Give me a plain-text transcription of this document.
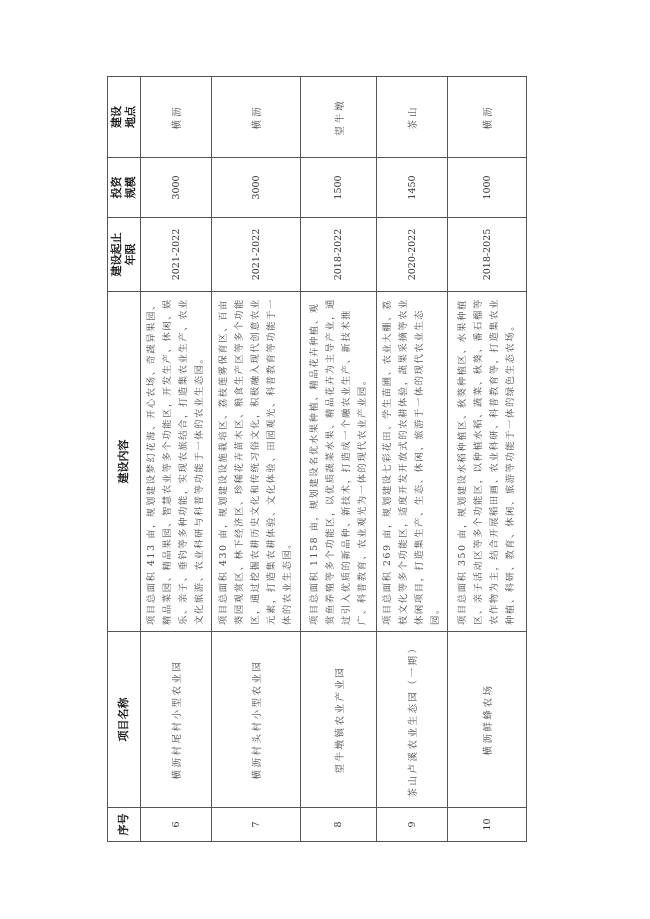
序号	项目名称	建设内容	建设起止年限	投资规模	建设地点

6	横沥村尾村小型农业园	项目总面积 413 亩，规划建设梦幻花海、开心农场、奇蔬异果园、精品菜园、精品果园、智慧农业等多个功能区，开发生产、休闲、娱乐、亲子、垂钓等多种功能，实现农旅结合，打造集农业生产、农业文化旅游、农业科研与科普等功能于一体的农业生态园。	2021-2022	3000	横沥
7	横沥村头村小型农业园	项目总面积 430 亩，规划建设设施栽培区、荔枝莲雾保育区、百亩葵园观赏区、林下经济区、珍稀花卉苗木区、粮食生产区等多个功能区，通过挖掘农耕历史文化和传统习俗文化，积极融入现代创意农业元素，打造集农耕体验、文化体验、田园观光、科普教育等功能于一体的农业生态园。	2021-2022	3000	横沥
8	望牛墩镇农业产业园	项目总面积 1158 亩，规划建设名优水果种植、精品花卉种植、观赏鱼养殖等多个功能区，以优质蔬菜水果、精品花卉为主导产业，通过引入优质的新品种、新技术，打造成一个融农业生产、新技术推广、科普教育、农业观光为一体的现代农业产业园。	2018-2022	1500	望牛墩
9	茶山卢溪农业生态园（一期）	项目总面积 269 亩，规划建设七彩花田、学生苗圃、农业大棚、荔枝文化等多个功能区，适度开发开放式的农耕体验，蔬果采摘等农业休闲项目，打造集生产、生态、休闲、旅游于一体的现代农业生态园。	2020-2022	1450	茶山
10	横沥鲜蜂农场	项目总面积 350 亩，规划建设水稻种植区、秋葵种植区、水果种植区、亲子活动区等多个功能区，以种植水稻、蔬菜、秋葵、番石榴等农作物为主，结合开展稻田画、农业科研、科普教育等，打造集农业种植、科研、教育、休闲、旅游等功能于一体的绿色生态农场。	2018-2025	1000	横沥
